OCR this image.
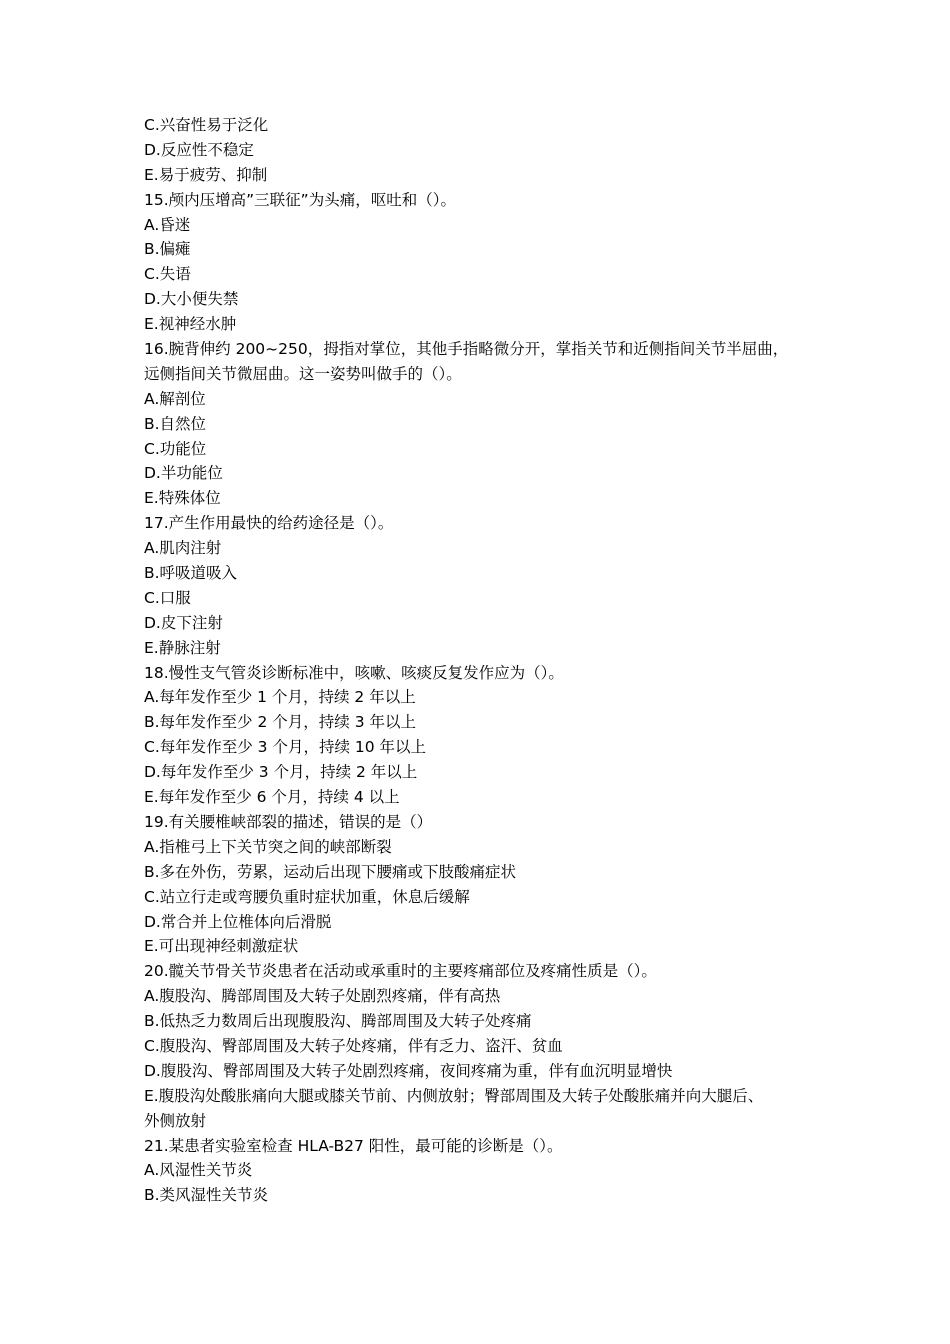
C.兴奋性易于泛化
D.反应性不稳定
E.易于疲劳、抑制
15.颅内压增高”三联征”为头痛，呕吐和（）。
A.昏迷
B.偏瘫
C.失语
D.大小便失禁
E.视神经水肿
16.腕背伸约 200~250，拇指对掌位，其他手指略微分开，掌指关节和近侧指间关节半屈曲，
远侧指间关节微屈曲。这一姿势叫做手的（）。
A.解剖位
B.自然位
C.功能位
D.半功能位
E.特殊体位
17.产生作用最快的给药途径是（）。
A.肌肉注射
B.呼吸道吸入
C.口服
D.皮下注射
E.静脉注射
18.慢性支气管炎诊断标准中，咳嗽、咳痰反复发作应为（）。
A.每年发作至少 1 个月，持续 2 年以上
B.每年发作至少 2 个月，持续 3 年以上
C.每年发作至少 3 个月，持续 10 年以上
D.每年发作至少 3 个月，持续 2 年以上
E.每年发作至少 6 个月，持续 4 以上
19.有关腰椎峡部裂的描述，错误的是（）
A.指椎弓上下关节突之间的峡部断裂
B.多在外伤，劳累，运动后出现下腰痛或下肢酸痛症状
C.站立行走或弯腰负重时症状加重，休息后缓解
D.常合并上位椎体向后滑脱
E.可出现神经刺激症状
20.髋关节骨关节炎患者在活动或承重时的主要疼痛部位及疼痛性质是（）。
A.腹股沟、腾部周围及大转子处剧烈疼痛，伴有高热
B.低热乏力数周后出现腹股沟、腾部周围及大转子处疼痛
C.腹股沟、臀部周围及大转子处疼痛，伴有乏力、盗汗、贫血
D.腹股沟、臀部周围及大转子处剧烈疼痛，夜间疼痛为重，伴有血沉明显增快
E.腹股沟处酸胀痛向大腿或膝关节前、内侧放射；臀部周围及大转子处酸胀痛并向大腿后、
外侧放射
21.某患者实验室检查 HLA-B27 阳性，最可能的诊断是（）。
A.风湿性关节炎
B.类风湿性关节炎
